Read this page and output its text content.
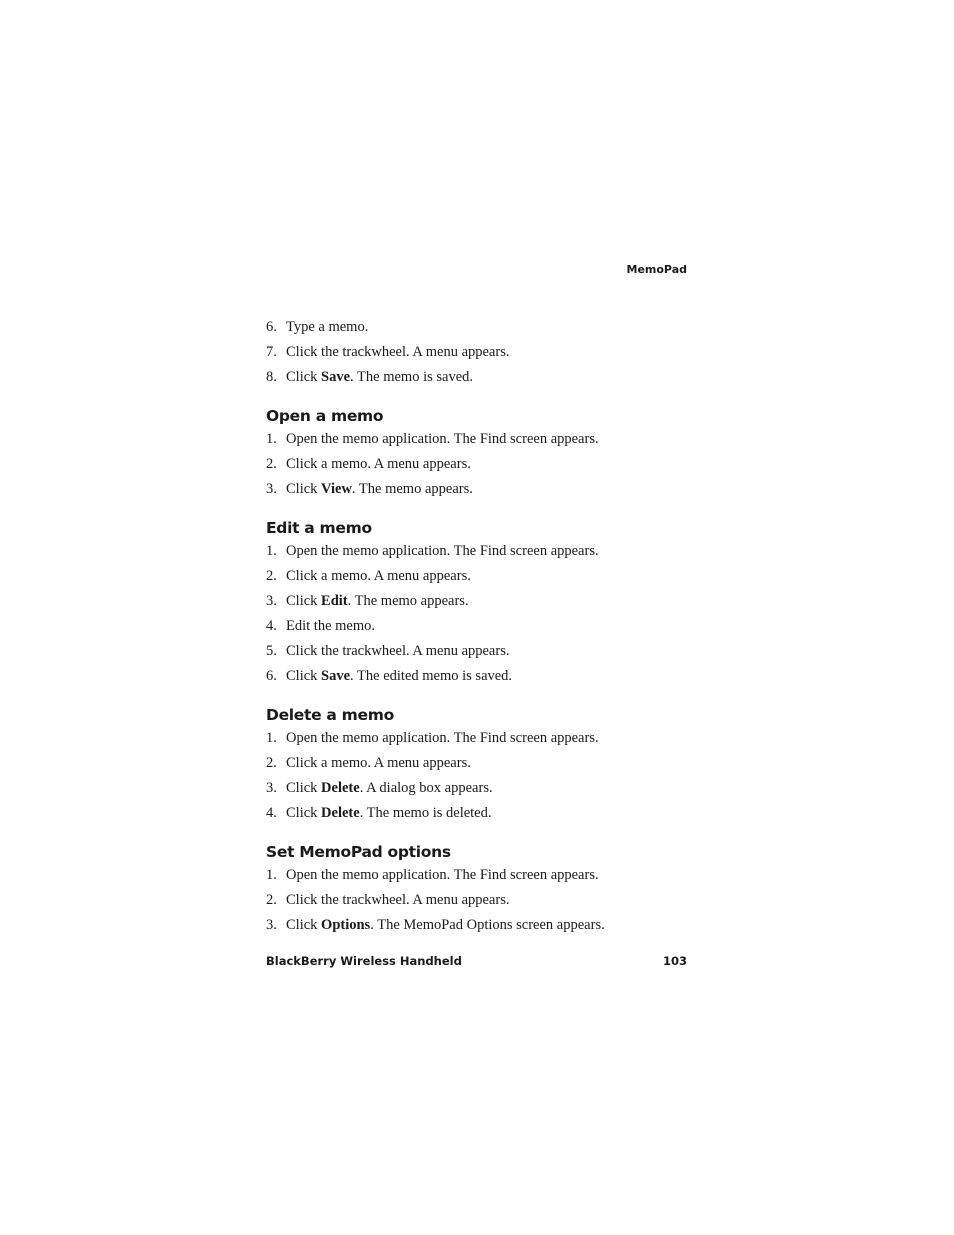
MemoPad
6. Type a memo.
7. Click the trackwheel. A menu appears.
8. Click Save. The memo is saved.
Open a memo
1. Open the memo application. The Find screen appears.
2. Click a memo. A menu appears.
3. Click View. The memo appears.
Edit a memo
1. Open the memo application. The Find screen appears.
2. Click a memo. A menu appears.
3. Click Edit. The memo appears.
4. Edit the memo.
5. Click the trackwheel. A menu appears.
6. Click Save. The edited memo is saved.
Delete a memo
1. Open the memo application. The Find screen appears.
2. Click a memo. A menu appears.
3. Click Delete. A dialog box appears.
4. Click Delete. The memo is deleted.
Set MemoPad options
1. Open the memo application. The Find screen appears.
2. Click the trackwheel. A menu appears.
3. Click Options. The MemoPad Options screen appears.
BlackBerry Wireless Handheld	103
